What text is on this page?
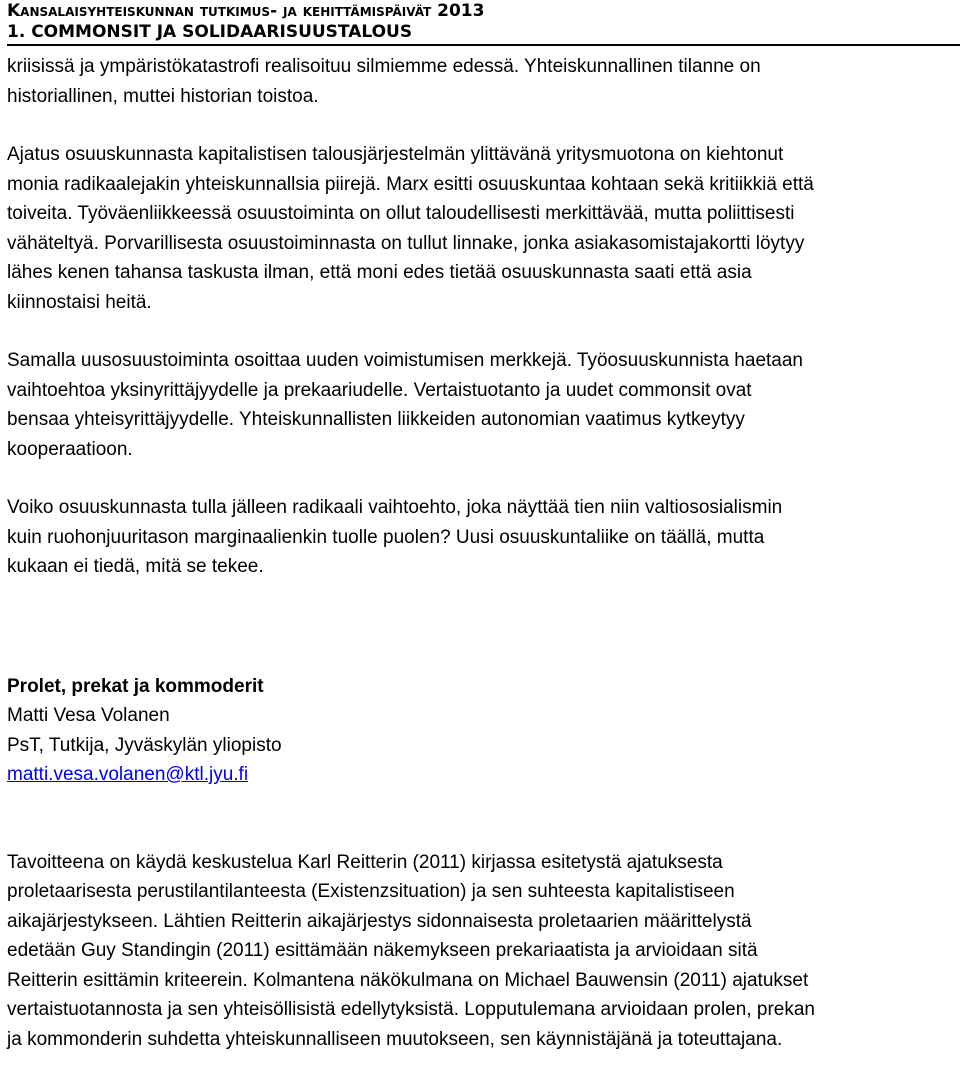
Kansalaisyhteiskunnan tutkimus- ja kehittämispäivät 2013

1. COMMONSIT JA SOLIDAARISUUSTALOUS

kriisissä ja ympäristökatastrofi realisoituu silmiemme edessä. Yhteiskunnallinen tilanne on
historiallinen, muttei historian toistoa.

Ajatus osuuskunnasta kapitalistisen talousjärjestelmän ylittävänä yritysmuotona on kiehtonut
monia radikaalejakin yhteiskunnallsia piirejä. Marx esitti osuuskuntaa kohtaan sekä kritiikkiä että
toiveita. Työväenliikkeessä osuustoiminta on ollut taloudellisesti merkittävää, mutta poliittisesti
vähäteltyä. Porvarillisesta osuustoiminnasta on tullut linnake, jonka asiakasomistajakortti löytyy
lähes kenen tahansa taskusta ilman, että moni edes tietää osuuskunnasta saati että asia
kiinnostaisi heitä.

Samalla uusosuustoiminta osoittaa uuden voimistumisen merkkejä. Työosuuskunnista haetaan
vaihtoehtoa yksinyrittäjyydelle ja prekaariudelle. Vertaistuotanto ja uudet commonsit ovat
bensaa yhteisyrittäjyydelle. Yhteiskunnallisten liikkeiden autonomian vaatimus kytkeytyy
kooperaatioon.

Voiko osuuskunnasta tulla jälleen radikaali vaihtoehto, joka näyttää tien niin valtiososialismin
kuin ruohonjuuritason marginaalienkin tuolle puolen? Uusi osuuskuntaliike on täällä, mutta
kukaan ei tiedä, mitä se tekee.

Prolet, prekat ja kommoderit
Matti Vesa Volanen
PsT, Tutkija, Jyväskylän yliopisto
matti.vesa.volanen@ktl.jyu.fi

Tavoitteena on käydä keskustelua Karl Reitterin (2011) kirjassa esitetystä ajatuksesta
proletaarisesta perustilantilanteesta (Existenzsituation) ja sen suhteesta kapitalistiseen
aikajärjestykseen. Lähtien Reitterin aikajärjestys sidonnaisesta proletaarien määrittelystä
edetään Guy Standingin (2011) esittämään näkemykseen prekariaatista ja arvioidaan sitä
Reitterin esittämin kriteerein. Kolmantena näkökulmana on Michael Bauwensin (2011) ajatukset
vertaistuotannosta ja sen yhteisöllisistä edellytyksistä. Lopputulemana arvioidaan prolen, prekan
ja kommonderin suhdetta yhteiskunnalliseen muutokseen, sen käynnistäjänä ja toteuttajana.
